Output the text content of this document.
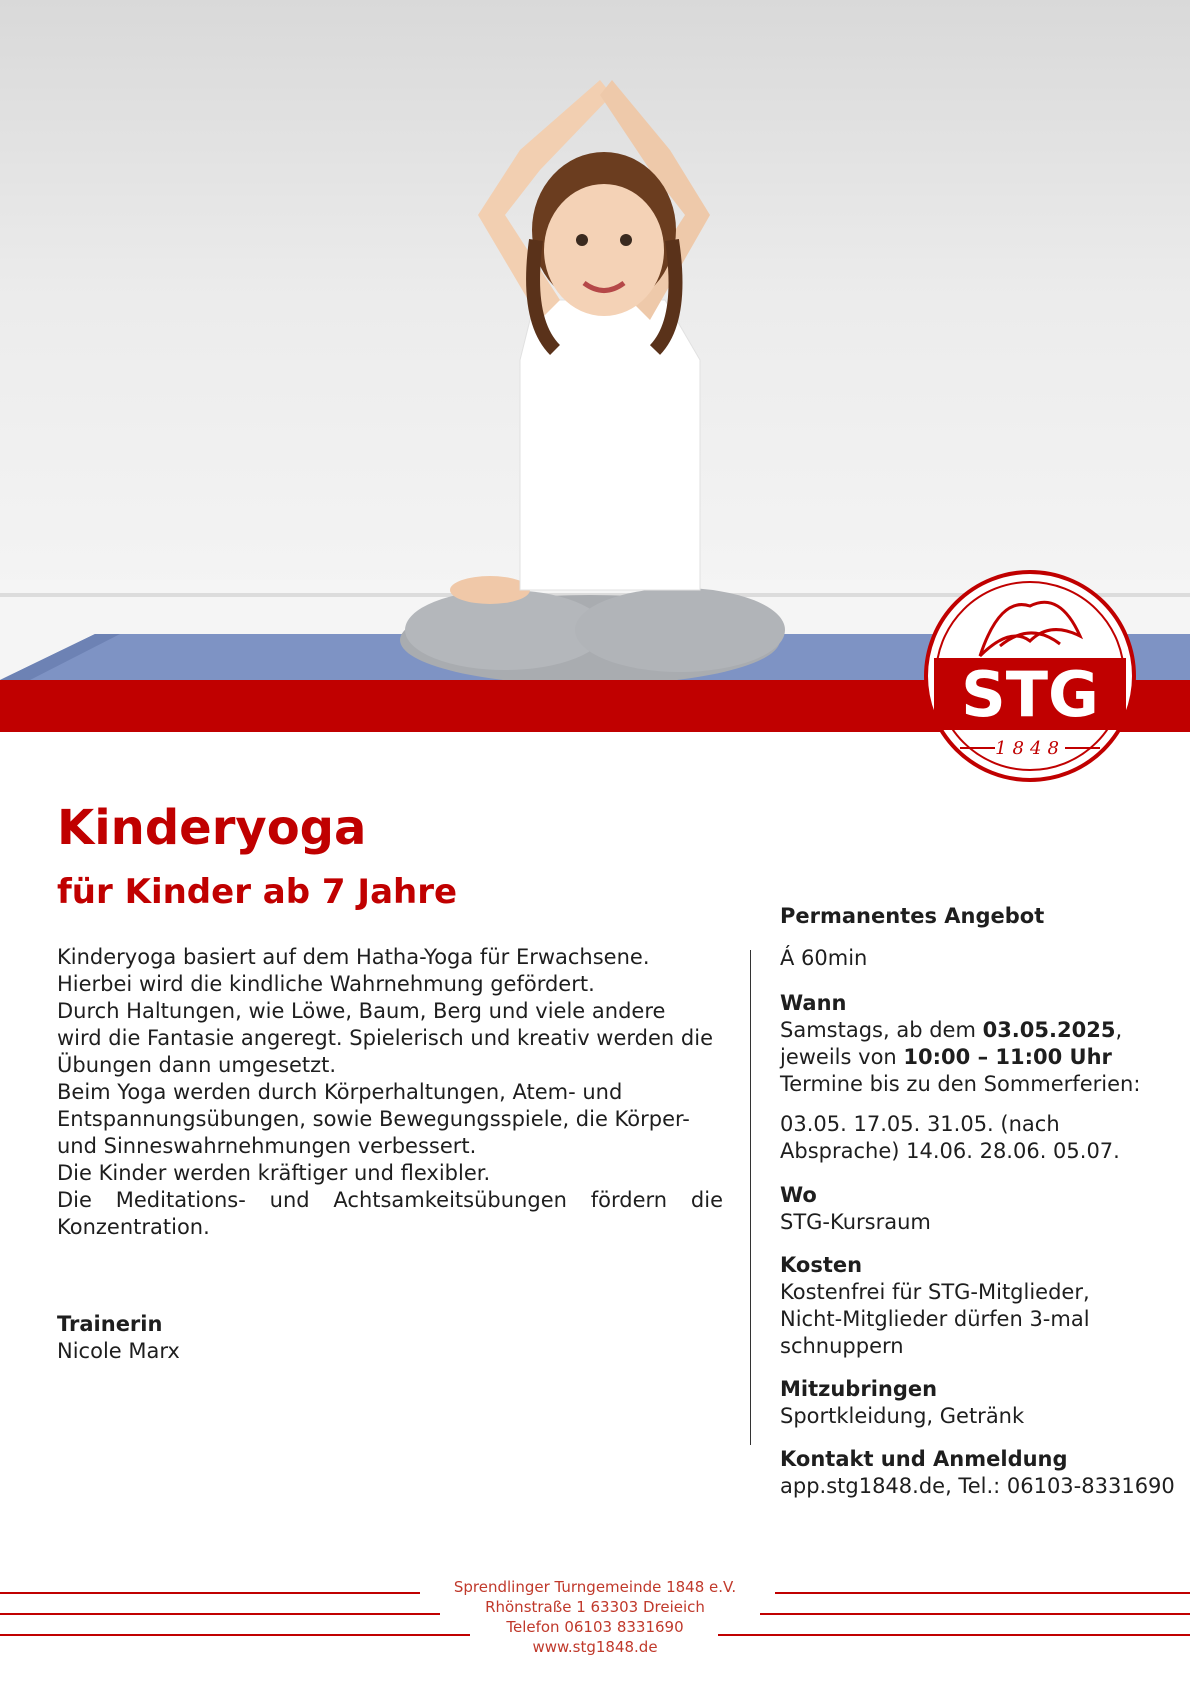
STG
1848
Kinderyoga
für Kinder ab 7 Jahre
Kinderyoga basiert auf dem Hatha-Yoga für Erwachsene.
Hierbei wird die kindliche Wahrnehmung gefördert.
Durch Haltungen, wie Löwe, Baum, Berg und viele andere
wird die Fantasie angeregt. Spielerisch und kreativ werden die
Übungen dann umgesetzt.
Beim Yoga werden durch Körperhaltungen, Atem- und
Entspannungsübungen, sowie Bewegungsspiele, die Körper-
und Sinneswahrnehmungen verbessert.
Die Kinder werden kräftiger und flexibler.
Die Meditations- und Achtsamkeitsübungen fördern die
Konzentration.
Trainerin
Nicole Marx
Permanentes Angebot
Á 60min
Wann
Samstags, ab dem 03.05.2025,
jeweils von 10:00 – 11:00 Uhr
Termine bis zu den Sommerferien:
03.05. 17.05. 31.05. (nach
Absprache) 14.06. 28.06. 05.07.
Wo
STG-Kursraum
Kosten
Kostenfrei für STG-Mitglieder,
Nicht-Mitglieder dürfen 3-mal
schnuppern
Mitzubringen
Sportkleidung, Getränk
Kontakt und Anmeldung
app.stg1848.de, Tel.: 06103-8331690
Sprendlinger Turngemeinde 1848 e.V.
Rhönstraße 1 63303 Dreieich
Telefon 06103 8331690
www.stg1848.de
